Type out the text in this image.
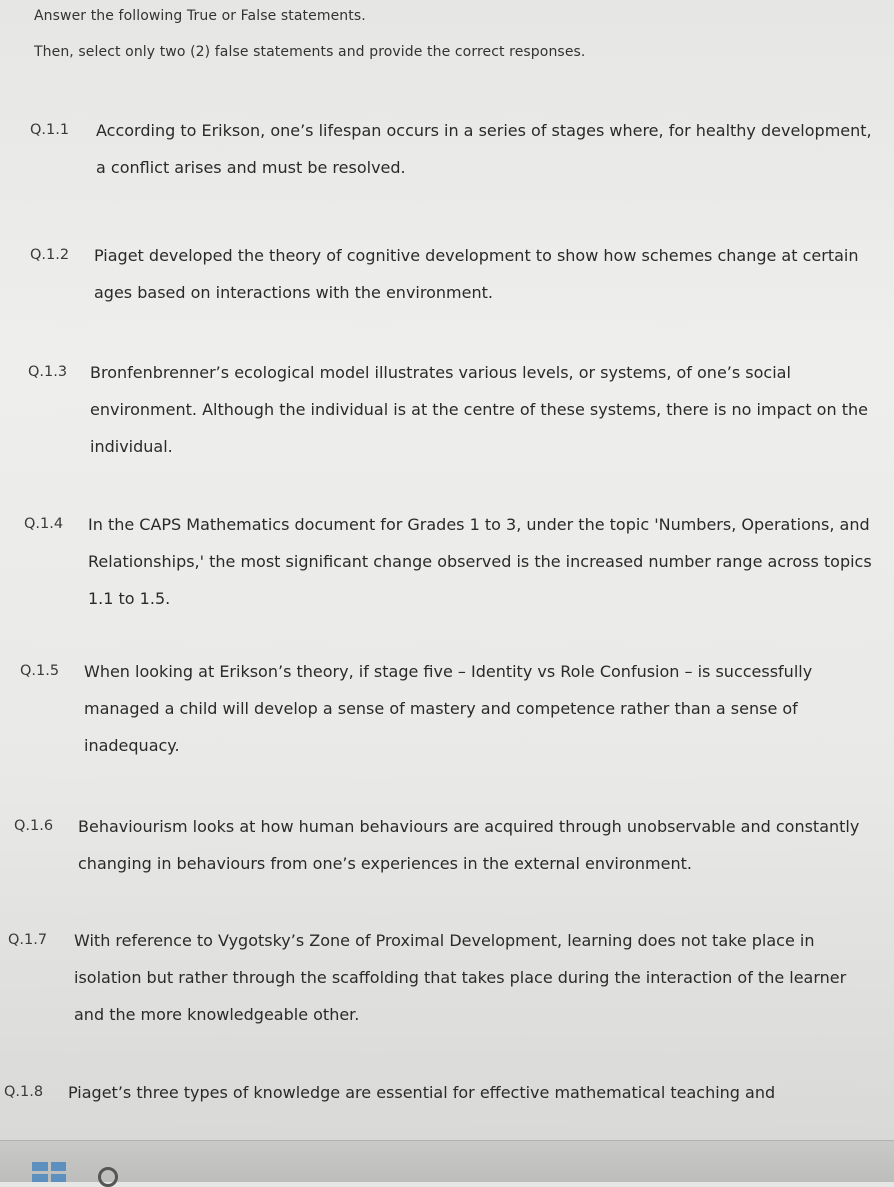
Answer the following True or False statements.
Then, select only two (2) false statements and provide the correct responses.
Q.1.1 According to Erikson, one’s lifespan occurs in a series of stages where, for healthy development, a conflict arises and must be resolved.

Q.1.2 Piaget developed the theory of cognitive development to show how schemes change at certain ages based on interactions with the environment.

Q.1.3 Bronfenbrenner’s ecological model illustrates various levels, or systems, of one’s social environment. Although the individual is at the centre of these systems, there is no impact on the individual.

Q.1.4 In the CAPS Mathematics document for Grades 1 to 3, under the topic 'Numbers, Operations, and Relationships,' the most significant change observed is the increased number range across topics 1.1 to 1.5.

Q.1.5 When looking at Erikson’s theory, if stage five – Identity vs Role Confusion – is successfully managed a child will develop a sense of mastery and competence rather than a sense of inadequacy.

Q.1.6 Behaviourism looks at how human behaviours are acquired through unobservable and constantly changing in behaviours from one’s experiences in the external environment.

Q.1.7 With reference to Vygotsky’s Zone of Proximal Development, learning does not take place in isolation but rather through the scaffolding that takes place during the interaction of the learner and the more knowledgeable other.

Q.1.8 Piaget’s three types of knowledge are essential for effective mathematical teaching and
